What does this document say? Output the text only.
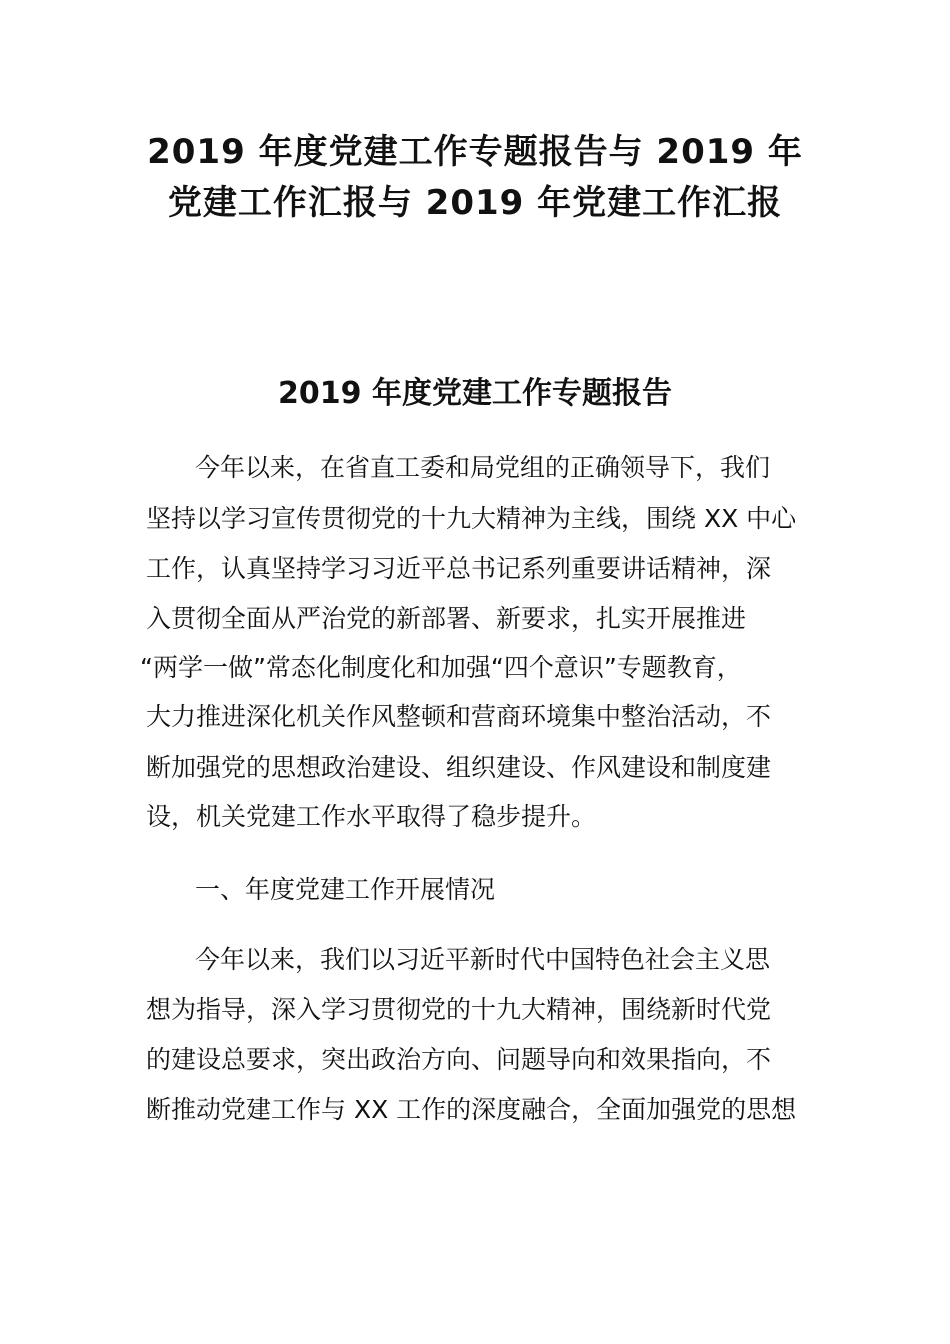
2019 年度党建工作专题报告与 2019 年
党建工作汇报与 2019 年党建工作汇报
2019 年度党建工作专题报告

今年以来，在省直工委和局党组的正确领导下，我们

坚持以学习宣传贯彻党的十九大精神为主线，围绕 XX 中心

工作，认真坚持学习习近平总书记系列重要讲话精神，深

入贯彻全面从严治党的新部署、新要求，扎实开展推进

“两学一做”常态化制度化和加强“四个意识”专题教育，

大力推进深化机关作风整顿和营商环境集中整治活动，不

断加强党的思想政治建设、组织建设、作风建设和制度建

设，机关党建工作水平取得了稳步提升。

一、年度党建工作开展情况

今年以来，我们以习近平新时代中国特色社会主义思

想为指导，深入学习贯彻党的十九大精神，围绕新时代党

的建设总要求，突出政治方向、问题导向和效果指向，不

断推动党建工作与 XX 工作的深度融合，全面加强党的思想
